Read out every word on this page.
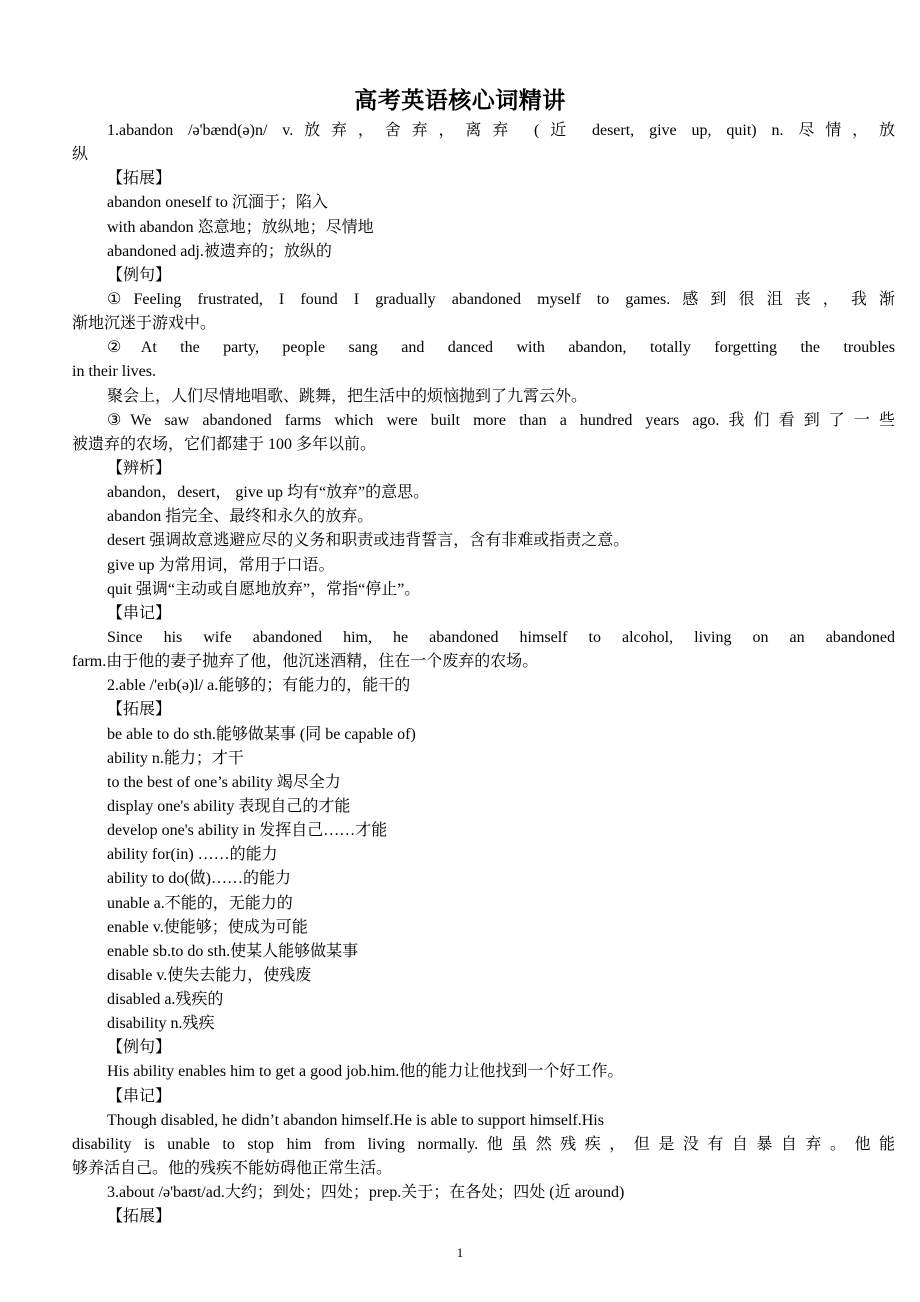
高考英语核心词精讲
1.abandon /ə'bænd(ə)n/ v.放弃，舍弃，离弃 (近 desert, give up, quit) n. 尽情，放
纵
【拓展】
abandon oneself to 沉湎于；陷入
with abandon 恣意地；放纵地；尽情地
abandoned adj.被遗弃的；放纵的
【例句】
①Feeling frustrated, I found I gradually abandoned myself to games.感到很沮丧，我渐
渐地沉迷于游戏中。
②At the party, people sang and danced with abandon, totally forgetting the troubles
in their lives.
聚会上，人们尽情地唱歌、跳舞，把生活中的烦恼抛到了九霄云外。
③We saw abandoned farms which were built more than a hundred years ago.我们看到了一些
被遗弃的农场，它们都建于 100 多年以前。
【辨析】
abandon，desert， give up 均有“放弃”的意思。
abandon 指完全、最终和永久的放弃。
desert 强调故意逃避应尽的义务和职责或违背誓言，含有非难或指责之意。
give up 为常用词，常用于口语。
quit 强调“主动或自愿地放弃”，常指“停止”。
【串记】
Since his wife abandoned him, he abandoned himself to alcohol, living on an abandoned
farm.由于他的妻子抛弃了他，他沉迷酒精，住在一个废弃的农场。
2.able /'eɪb(ə)l/ a.能够的；有能力的，能干的
【拓展】
be able to do sth.能够做某事 (同 be capable of)
ability n.能力；才干
to the best of one’s ability 竭尽全力
display one's ability 表现自己的才能
develop one's ability in 发挥自己……才能
ability for(in) ……的能力
ability to do(做)……的能力
unable a.不能的，无能力的
enable v.使能够；使成为可能
enable sb.to do sth.使某人能够做某事
disable v.使失去能力，使残废
disabled a.残疾的
disability n.残疾
【例句】
His ability enables him to get a good job.him.他的能力让他找到一个好工作。
【串记】
Though disabled, he didn’t abandon himself.He is able to support himself.His
disability is unable to stop him from living normally.他虽然残疾，但是没有自暴自弃。他能
够养活自己。他的残疾不能妨碍他正常生活。
3.about /ə'baʊt/ad.大约；到处；四处；prep.关于；在各处；四处 (近 around)
【拓展】
1
